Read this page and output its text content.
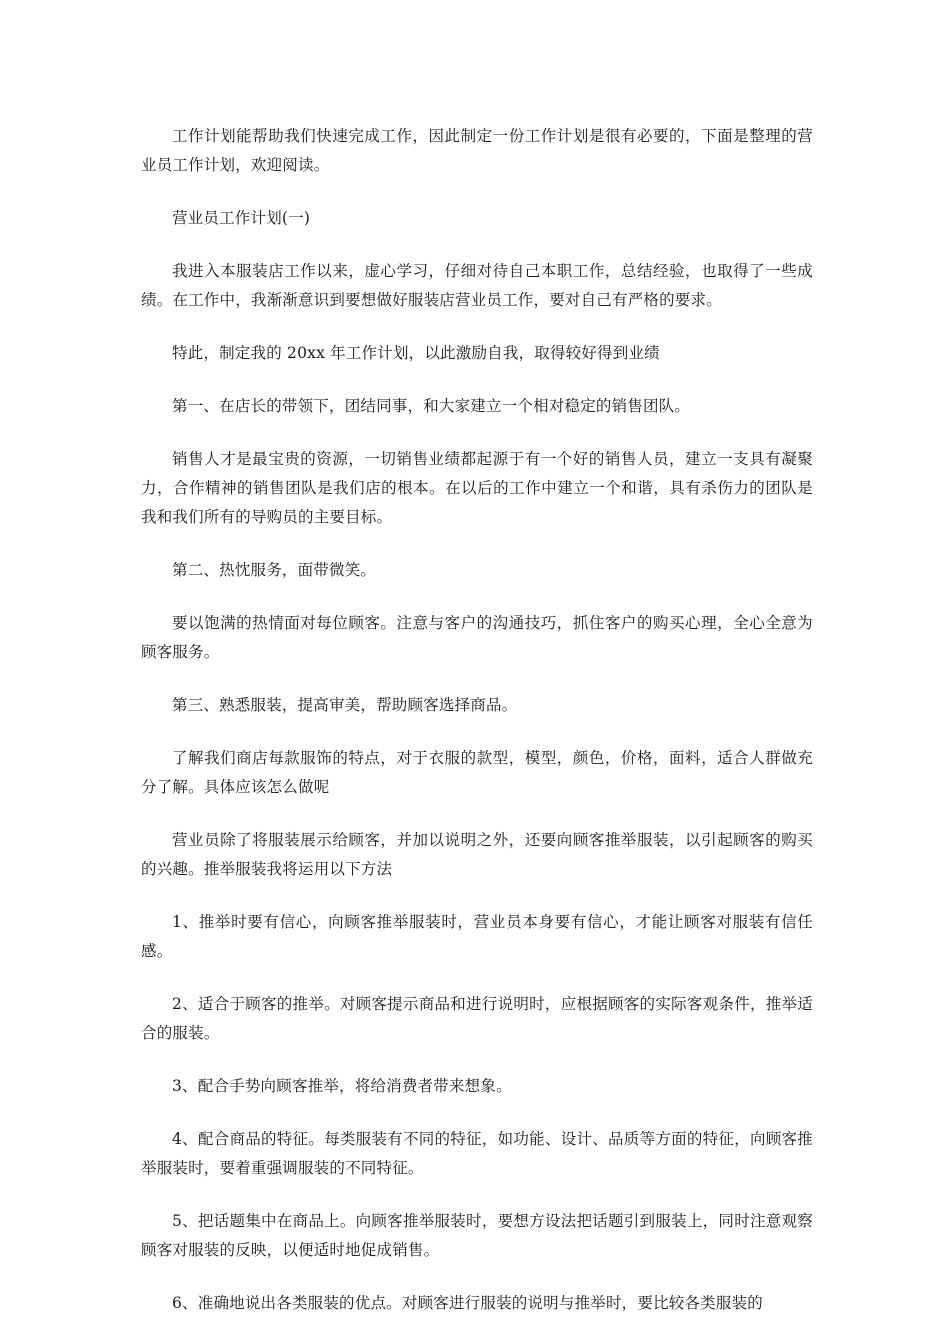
工作计划能帮助我们快速完成工作，因此制定一份工作计划是很有必要的，下面是整理的营业员工作计划，欢迎阅读。

营业员工作计划(一)

我进入本服装店工作以来，虚心学习，仔细对待自己本职工作，总结经验，也取得了一些成绩。在工作中，我渐渐意识到要想做好服装店营业员工作，要对自己有严格的要求。

特此，制定我的 20xx 年工作计划，以此激励自我，取得较好得到业绩

第一、在店长的带领下，团结同事，和大家建立一个相对稳定的销售团队。

销售人才是最宝贵的资源，一切销售业绩都起源于有一个好的销售人员，建立一支具有凝聚力，合作精神的销售团队是我们店的根本。在以后的工作中建立一个和谐，具有杀伤力的团队是我和我们所有的导购员的主要目标。

第二、热忱服务，面带微笑。

要以饱满的热情面对每位顾客。注意与客户的沟通技巧，抓住客户的购买心理，全心全意为顾客服务。

第三、熟悉服装，提高审美，帮助顾客选择商品。

了解我们商店每款服饰的特点，对于衣服的款型，模型，颜色，价格，面料，适合人群做充分了解。具体应该怎么做呢

营业员除了将服装展示给顾客，并加以说明之外，还要向顾客推举服装，以引起顾客的购买的兴趣。推举服装我将运用以下方法

1、推举时要有信心，向顾客推举服装时，营业员本身要有信心，才能让顾客对服装有信任感。

2、适合于顾客的推举。对顾客提示商品和进行说明时，应根据顾客的实际客观条件，推举适合的服装。

3、配合手势向顾客推举，将给消费者带来想象。

4、配合商品的特征。每类服装有不同的特征，如功能、设计、品质等方面的特征，向顾客推举服装时，要着重强调服装的不同特征。

5、把话题集中在商品上。向顾客推举服装时，要想方设法把话题引到服装上，同时注意观察顾客对服装的反映，以便适时地促成销售。

6、准确地说出各类服装的优点。对顾客进行服装的说明与推举时，要比较各类服装的
